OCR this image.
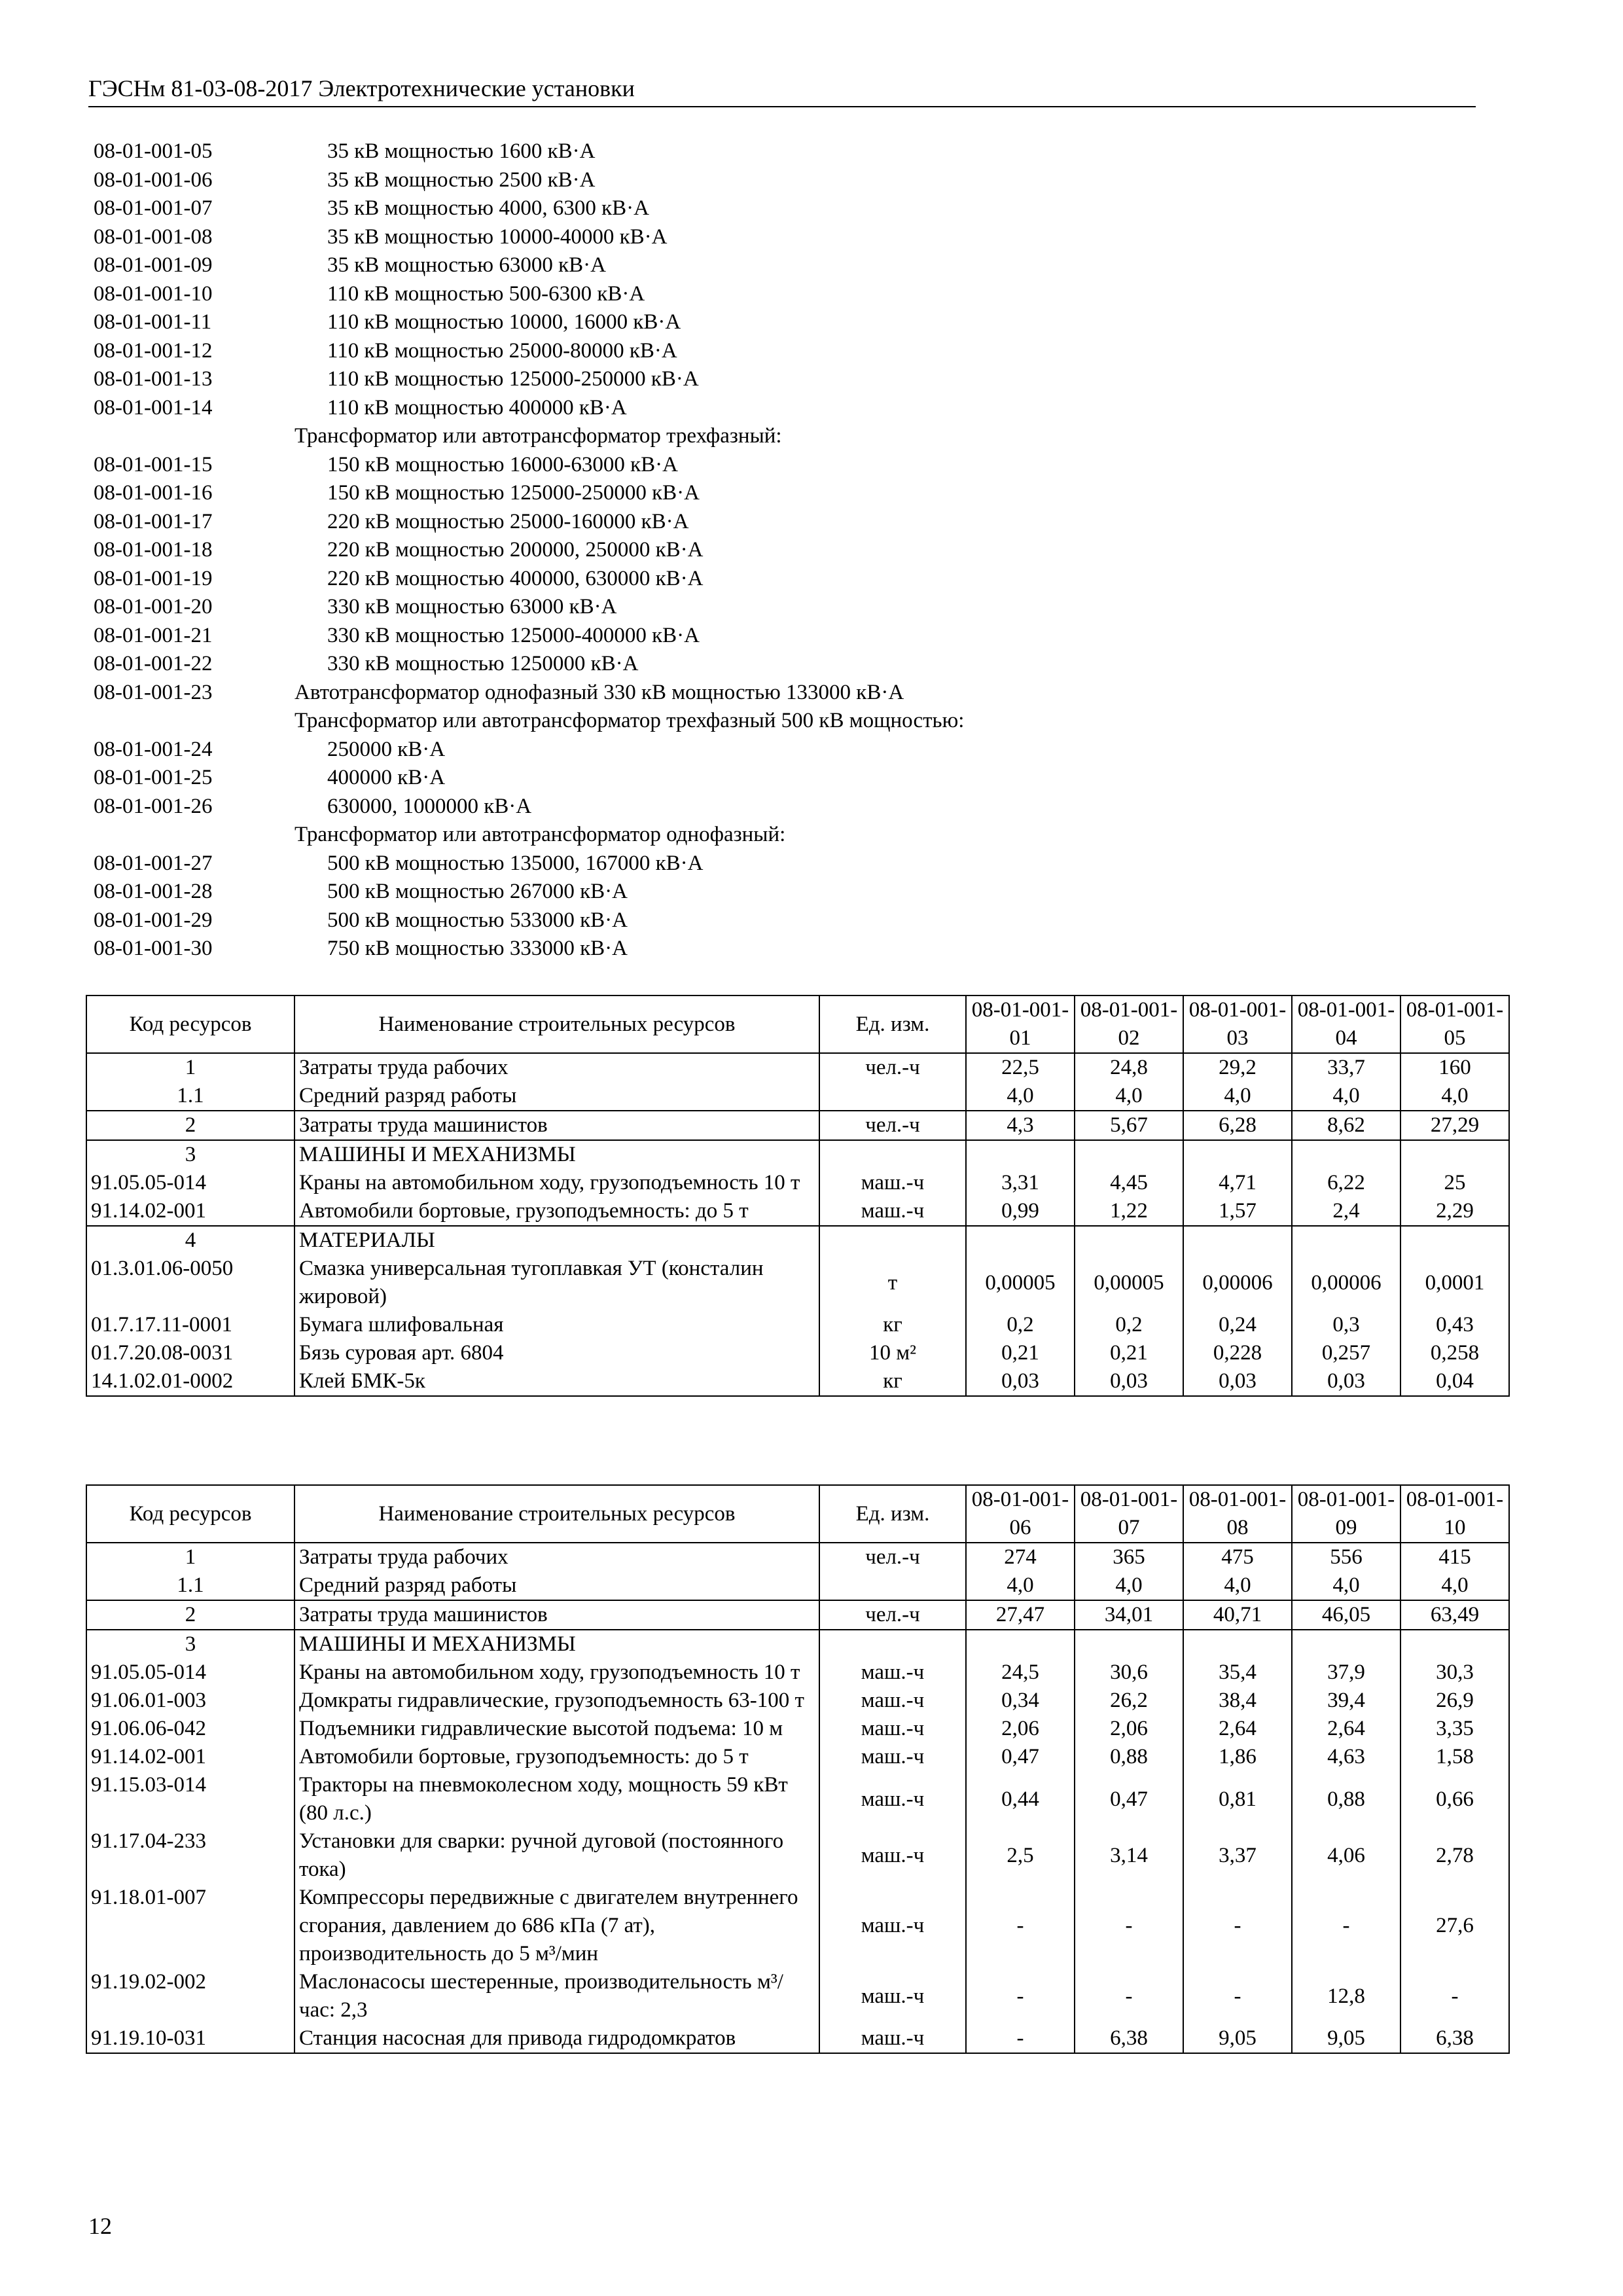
ГЭСНм 81-03-08-2017 Электротехнические установки
08-01-001-05	35 кВ мощностью 1600 кВ·А
08-01-001-06	35 кВ мощностью 2500 кВ·А
08-01-001-07	35 кВ мощностью 4000, 6300 кВ·А
08-01-001-08	35 кВ мощностью 10000-40000 кВ·А
08-01-001-09	35 кВ мощностью 63000 кВ·А
08-01-001-10	110 кВ мощностью 500-6300 кВ·А
08-01-001-11	110 кВ мощностью 10000, 16000 кВ·А
08-01-001-12	110 кВ мощностью 25000-80000 кВ·А
08-01-001-13	110 кВ мощностью 125000-250000 кВ·А
08-01-001-14	110 кВ мощностью 400000 кВ·А
Трансформатор или автотрансформатор трехфазный:
08-01-001-15	150 кВ мощностью 16000-63000 кВ·А
08-01-001-16	150 кВ мощностью 125000-250000 кВ·А
08-01-001-17	220 кВ мощностью 25000-160000 кВ·А
08-01-001-18	220 кВ мощностью 200000, 250000 кВ·А
08-01-001-19	220 кВ мощностью 400000, 630000 кВ·А
08-01-001-20	330 кВ мощностью 63000 кВ·А
08-01-001-21	330 кВ мощностью 125000-400000 кВ·А
08-01-001-22	330 кВ мощностью 1250000 кВ·А
08-01-001-23	Автотрансформатор однофазный 330 кВ мощностью 133000 кВ·А
Трансформатор или автотрансформатор трехфазный 500 кВ мощностью:
08-01-001-24	250000 кВ·А
08-01-001-25	400000 кВ·А
08-01-001-26	630000, 1000000 кВ·А
Трансформатор или автотрансформатор однофазный:
08-01-001-27	500 кВ мощностью 135000, 167000 кВ·А
08-01-001-28	500 кВ мощностью 267000 кВ·А
08-01-001-29	500 кВ мощностью 533000 кВ·А
08-01-001-30	750 кВ мощностью 333000 кВ·А
Код ресурсов	Наименование строительных ресурсов	Ед. изм.	08-01-001-01	08-01-001-02	08-01-001-03	08-01-001-04	08-01-001-05
1	Затраты труда рабочих	чел.-ч	22,5	24,8	29,2	33,7	160
1.1	Средний разряд работы		4,0	4,0	4,0	4,0	4,0
2	Затраты труда машинистов	чел.-ч	4,3	5,67	6,28	8,62	27,29
3	МАШИНЫ И МЕХАНИЗМЫ						
91.05.05-014	Краны на автомобильном ходу, грузоподъемность 10 т	маш.-ч	3,31	4,45	4,71	6,22	25
91.14.02-001	Автомобили бортовые, грузоподъемность: до 5 т	маш.-ч	0,99	1,22	1,57	2,4	2,29
4	МАТЕРИАЛЫ						
01.3.01.06-0050	Смазка универсальная тугоплавкая УТ (консталин жировой)	т	0,00005	0,00005	0,00006	0,00006	0,0001
01.7.17.11-0001	Бумага шлифовальная	кг	0,2	0,2	0,24	0,3	0,43
01.7.20.08-0031	Бязь суровая арт. 6804	10 м²	0,21	0,21	0,228	0,257	0,258
14.1.02.01-0002	Клей БМК-5к	кг	0,03	0,03	0,03	0,03	0,04
Код ресурсов	Наименование строительных ресурсов	Ед. изм.	08-01-001-06	08-01-001-07	08-01-001-08	08-01-001-09	08-01-001-10
1	Затраты труда рабочих	чел.-ч	274	365	475	556	415
1.1	Средний разряд работы		4,0	4,0	4,0	4,0	4,0
2	Затраты труда машинистов	чел.-ч	27,47	34,01	40,71	46,05	63,49
3	МАШИНЫ И МЕХАНИЗМЫ						
91.05.05-014	Краны на автомобильном ходу, грузоподъемность 10 т	маш.-ч	24,5	30,6	35,4	37,9	30,3
91.06.01-003	Домкраты гидравлические, грузоподъемность 63-100 т	маш.-ч	0,34	26,2	38,4	39,4	26,9
91.06.06-042	Подъемники гидравлические высотой подъема: 10 м	маш.-ч	2,06	2,06	2,64	2,64	3,35
91.14.02-001	Автомобили бортовые, грузоподъемность: до 5 т	маш.-ч	0,47	0,88	1,86	4,63	1,58
91.15.03-014	Тракторы на пневмоколесном ходу, мощность 59 кВт (80 л.с.)	маш.-ч	0,44	0,47	0,81	0,88	0,66
91.17.04-233	Установки для сварки: ручной дуговой (постоянного тока)	маш.-ч	2,5	3,14	3,37	4,06	2,78
91.18.01-007	Компрессоры передвижные с двигателем внутреннего сгорания, давлением до 686 кПа (7 ат), производительность до 5 м³/мин	маш.-ч	-	-	-	-	27,6
91.19.02-002	Маслонасосы шестеренные, производительность м³/час: 2,3	маш.-ч	-	-	-	12,8	-
91.19.10-031	Станция насосная для привода гидродомкратов	маш.-ч	-	6,38	9,05	9,05	6,38
12
